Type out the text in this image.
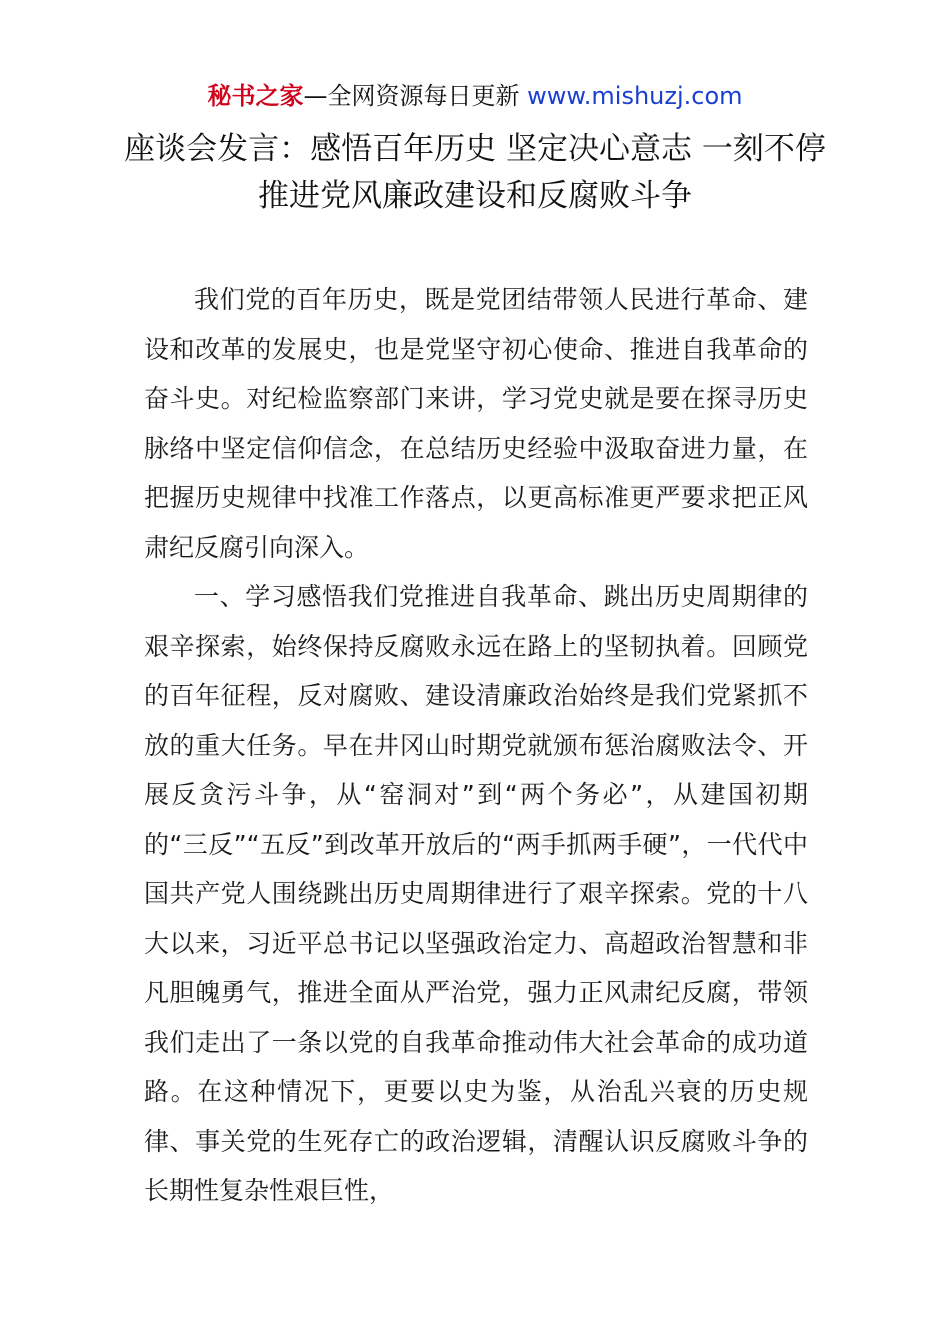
秘书之家—全网资源每日更新 www.mishuzj.com
座谈会发言：感悟百年历史 坚定决心意志 一刻不停推进党风廉政建设和反腐败斗争

我们党的百年历史，既是党团结带领人民进行革命、建设和改革的发展史，也是党坚守初心使命、推进自我革命的奋斗史。对纪检监察部门来讲，学习党史就是要在探寻历史脉络中坚定信仰信念，在总结历史经验中汲取奋进力量，在把握历史规律中找准工作落点，以更高标准更严要求把正风肃纪反腐引向深入。

一、学习感悟我们党推进自我革命、跳出历史周期律的艰辛探索，始终保持反腐败永远在路上的坚韧执着。回顾党的百年征程，反对腐败、建设清廉政治始终是我们党紧抓不放的重大任务。早在井冈山时期党就颁布惩治腐败法令、开展反贪污斗争，从“窑洞对”到“两个务必”，从建国初期的“三反”“五反”到改革开放后的“两手抓两手硬”，一代代中国共产党人围绕跳出历史周期律进行了艰辛探索。党的十八大以来，习近平总书记以坚强政治定力、高超政治智慧和非凡胆魄勇气，推进全面从严治党，强力正风肃纪反腐，带领我们走出了一条以党的自我革命推动伟大社会革命的成功道路。在这种情况下，更要以史为鉴，从治乱兴衰的历史规律、事关党的生死存亡的政治逻辑，清醒认识反腐败斗争的长期性复杂性艰巨性，
